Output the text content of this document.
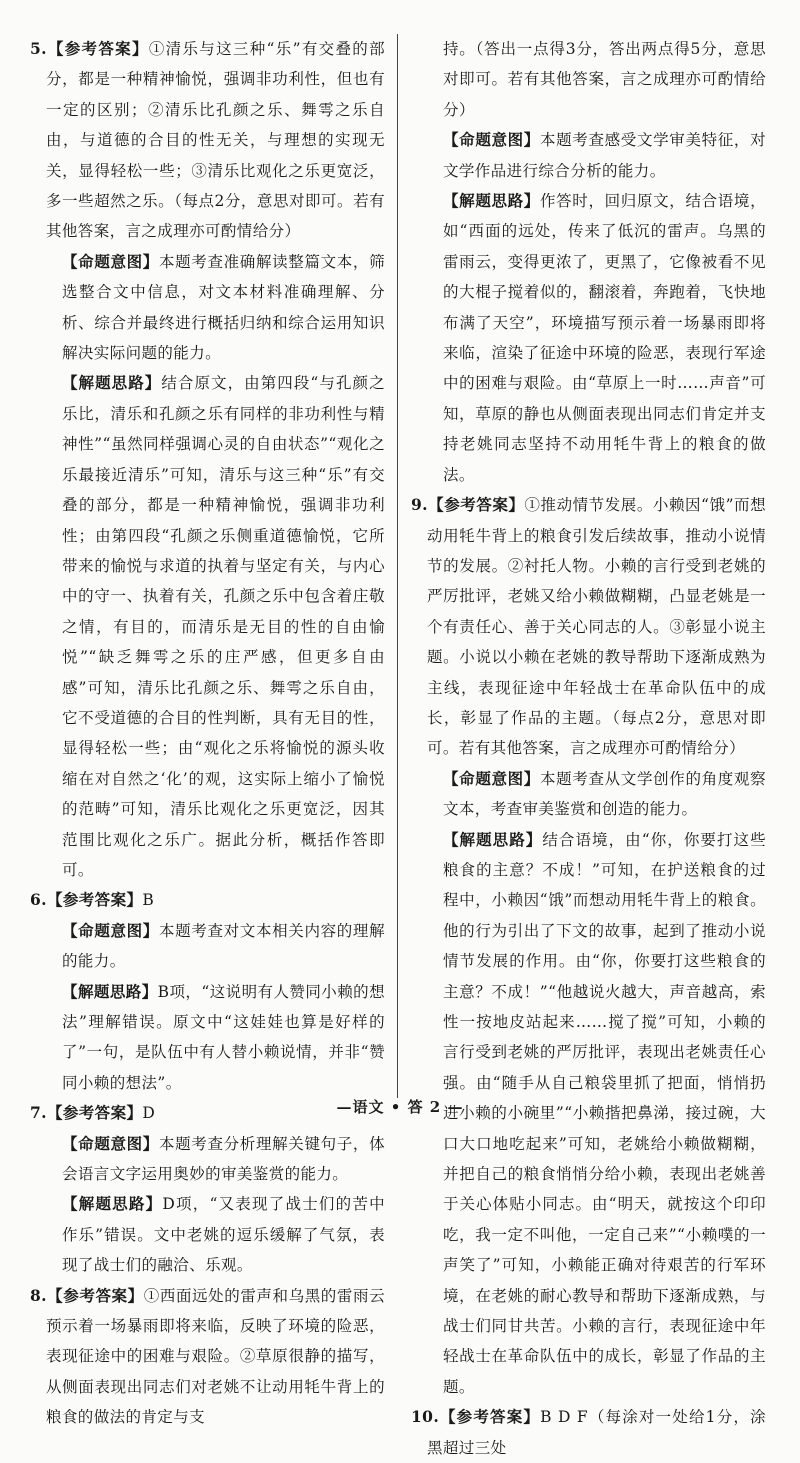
5.【参考答案】①清乐与这三种“乐”有交叠的部分，都是一种精神愉悦，强调非功利性，但也有一定的区别；②清乐比孔颜之乐、舞雩之乐自由，与道德的合目的性无关，与理想的实现无关，显得轻松一些；③清乐比观化之乐更宽泛，多一些超然之乐。（每点2分，意思对即可。若有其他答案，言之成理亦可酌情给分）

【命题意图】本题考查准确解读整篇文本，筛选整合文中信息，对文本材料准确理解、分析、综合并最终进行概括归纳和综合运用知识解决实际问题的能力。

【解题思路】结合原文，由第四段“与孔颜之乐比，清乐和孔颜之乐有同样的非功利性与精神性”“虽然同样强调心灵的自由状态”“观化之乐最接近清乐”可知，清乐与这三种“乐”有交叠的部分，都是一种精神愉悦，强调非功利性；由第四段“孔颜之乐侧重道德愉悦，它所带来的愉悦与求道的执着与坚定有关，与内心中的守一、执着有关，孔颜之乐中包含着庄敬之情，有目的，而清乐是无目的性的自由愉悦”“缺乏舞雩之乐的庄严感，但更多自由感”可知，清乐比孔颜之乐、舞雩之乐自由，它不受道德的合目的性判断，具有无目的性，显得轻松一些；由“观化之乐将愉悦的源头收缩在对自然之‘化’的观，这实际上缩小了愉悦的范畴”可知，清乐比观化之乐更宽泛，因其范围比观化之乐广。据此分析，概括作答即可。

6.【参考答案】B

【命题意图】本题考查对文本相关内容的理解的能力。

【解题思路】B项，“这说明有人赞同小赖的想法”理解错误。原文中“这娃娃也算是好样的了”一句，是队伍中有人替小赖说情，并非“赞同小赖的想法”。

7.【参考答案】D

【命题意图】本题考查分析理解关键句子，体会语言文字运用奥妙的审美鉴赏的能力。

【解题思路】D项，“又表现了战士们的苦中作乐”错误。文中老姚的逗乐缓解了气氛，表现了战士们的融洽、乐观。

8.【参考答案】①西面远处的雷声和乌黑的雷雨云预示着一场暴雨即将来临，反映了环境的险恶，表现征途中的困难与艰险。②草原很静的描写，从侧面表现出同志们对老姚不让动用牦牛背上的粮食的做法的肯定与支

持。（答出一点得3分，答出两点得5分，意思对即可。若有其他答案，言之成理亦可酌情给分）

【命题意图】本题考查感受文学审美特征，对文学作品进行综合分析的能力。

【解题思路】作答时，回归原文，结合语境，如“西面的远处，传来了低沉的雷声。乌黑的雷雨云，变得更浓了，更黑了，它像被看不见的大棍子搅着似的，翻滚着，奔跑着，飞快地布满了天空”，环境描写预示着一场暴雨即将来临，渲染了征途中环境的险恶，表现行军途中的困难与艰险。由“草原上一时……声音”可知，草原的静也从侧面表现出同志们肯定并支持老姚同志坚持不动用牦牛背上的粮食的做法。

9.【参考答案】①推动情节发展。小赖因“饿”而想动用牦牛背上的粮食引发后续故事，推动小说情节的发展。②衬托人物。小赖的言行受到老姚的严厉批评，老姚又给小赖做糊糊，凸显老姚是一个有责任心、善于关心同志的人。③彰显小说主题。小说以小赖在老姚的教导帮助下逐渐成熟为主线，表现征途中年轻战士在革命队伍中的成长，彰显了作品的主题。（每点2分，意思对即可。若有其他答案，言之成理亦可酌情给分）

【命题意图】本题考查从文学创作的角度观察文本，考查审美鉴赏和创造的能力。

【解题思路】结合语境，由“你，你要打这些粮食的主意？不成！”可知，在护送粮食的过程中，小赖因“饿”而想动用牦牛背上的粮食。他的行为引出了下文的故事，起到了推动小说情节发展的作用。由“你，你要打这些粮食的主意？不成！”“他越说火越大，声音越高，索性一按地皮站起来……搅了搅”可知，小赖的言行受到老姚的严厉批评，表现出老姚责任心强。由“随手从自己粮袋里抓了把面，悄悄扔进小赖的小碗里”“小赖揩把鼻涕，接过碗，大口大口地吃起来”可知，老姚给小赖做糊糊，并把自己的粮食悄悄分给小赖，表现出老姚善于关心体贴小同志。由“明天，就按这个印印吃，我一定不叫他，一定自己来”“小赖噗的一声笑了”可知，小赖能正确对待艰苦的行军环境，在老姚的耐心教导和帮助下逐渐成熟，与战士们同甘共苦。小赖的言行，表现征途中年轻战士在革命队伍中的成长，彰显了作品的主题。

10.【参考答案】B D F（每涂对一处给1分，涂黑超过三处

—语文 • 答 2 —
